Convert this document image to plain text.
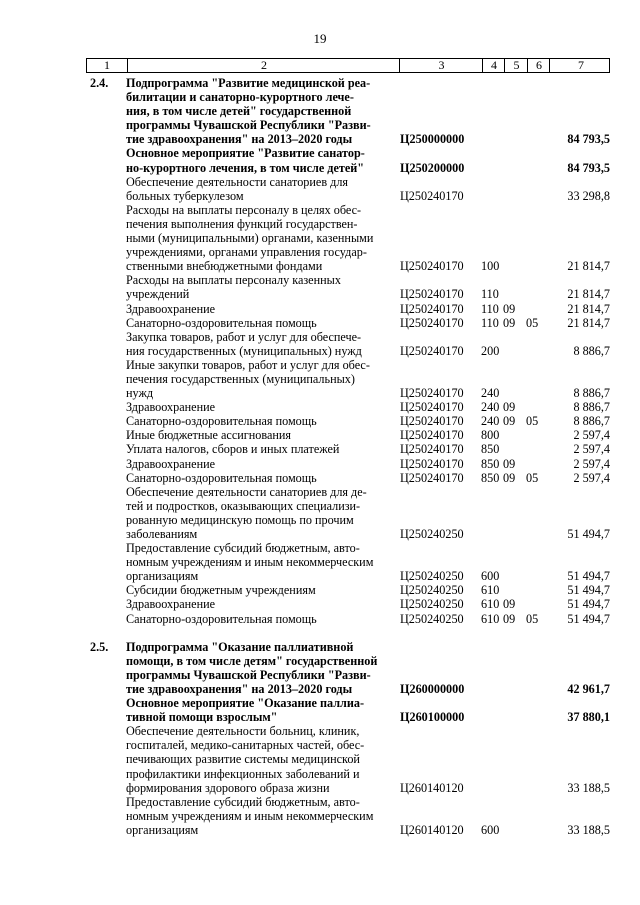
19
1	2	3	4	5	6	7
2.4.	Подпрограмма "Развитие медицинской реа-
билитации и санаторно-курортного лече-
ния, в том числе детей" государственной
программы Чувашской Республики "Разви-
тие здравоохранения" на 2013–2020 годы	Ц250000000	84 793,5
Основное мероприятие "Развитие санатор-
но-курортного лечения, в том числе детей"	Ц250200000	84 793,5
Обеспечение деятельности санаториев для
больных туберкулезом	Ц250240170	33 298,8
Расходы на выплаты персоналу в целях обес-
печения выполнения функций государствен-
ными (муниципальными) органами, казенными
учреждениями, органами управления государ-
ственными внебюджетными фондами	Ц250240170	100	21 814,7
Расходы на выплаты персоналу казенных
учреждений	Ц250240170	110	21 814,7
Здравоохранение	Ц250240170	110 09	21 814,7
Санаторно-оздоровительная помощь	Ц250240170	110 09 05	21 814,7
Закупка товаров, работ и услуг для обеспече-
ния государственных (муниципальных) нужд	Ц250240170	200	8 886,7
Иные закупки товаров, работ и услуг для обес-
печения государственных (муниципальных)
нужд	Ц250240170	240	8 886,7
Здравоохранение	Ц250240170	240 09	8 886,7
Санаторно-оздоровительная помощь	Ц250240170	240 09 05	8 886,7
Иные бюджетные ассигнования	Ц250240170	800	2 597,4
Уплата налогов, сборов и иных платежей	Ц250240170	850	2 597,4
Здравоохранение	Ц250240170	850 09	2 597,4
Санаторно-оздоровительная помощь	Ц250240170	850 09 05	2 597,4
Обеспечение деятельности санаториев для де-
тей и подростков, оказывающих специализи-
рованную медицинскую помощь по прочим
заболеваниям	Ц250240250	51 494,7
Предоставление субсидий бюджетным, авто-
номным учреждениям и иным некоммерческим
организациям	Ц250240250	600	51 494,7
Субсидии бюджетным учреждениям	Ц250240250	610	51 494,7
Здравоохранение	Ц250240250	610 09	51 494,7
Санаторно-оздоровительная помощь	Ц250240250	610 09 05	51 494,7
2.5.	Подпрограмма "Оказание паллиативной
помощи, в том числе детям" государственной
программы Чувашской Республики "Разви-
тие здравоохранения" на 2013–2020 годы	Ц260000000	42 961,7
Основное мероприятие "Оказание паллиа-
тивной помощи взрослым"	Ц260100000	37 880,1
Обеспечение деятельности больниц, клиник,
госпиталей, медико-санитарных частей, обес-
печивающих развитие системы медицинской
профилактики инфекционных заболеваний и
формирования здорового образа жизни	Ц260140120	33 188,5
Предоставление субсидий бюджетным, авто-
номным учреждениям и иным некоммерческим
организациям	Ц260140120	600	33 188,5
